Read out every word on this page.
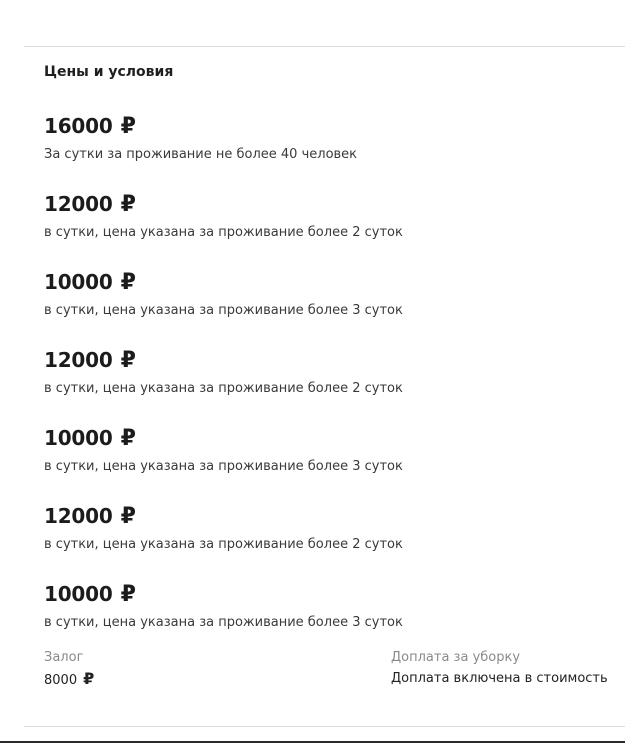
Цены и условия
16000 ₽
За сутки за проживание не более 40 человек
12000 ₽
в сутки, цена указана за проживание более 2 суток
10000 ₽
в сутки, цена указана за проживание более 3 суток
12000 ₽
в сутки, цена указана за проживание более 2 суток
10000 ₽
в сутки, цена указана за проживание более 3 суток
12000 ₽
в сутки, цена указана за проживание более 2 суток
10000 ₽
в сутки, цена указана за проживание более 3 суток
Залог
8000 ₽
Доплата за уборку
Доплата включена в стоимость
